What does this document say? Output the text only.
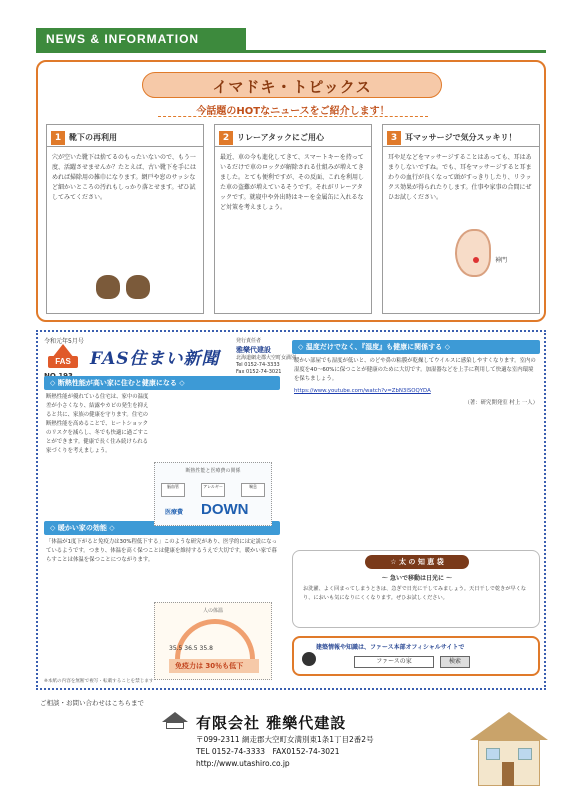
NEWS & INFORMATION
イマドキ・トピックス
今話題のHOTなニュースをご紹介します！
1 靴下の再利用
穴が空いた靴下は捨てるのもったいないので、もう一度、活躍させませんか？たとえば、古い靴下を手にはめれば掃除用の雑巾になります。網戸や窓のサッシなど細かいところの汚れもしっかり落とせます。ぜひ試してみてください。
2 リレーアタックにご用心
最近、車の今も進化してきて、スマートキーを持っているだけで車のロックが解除される仕組みが増えてきました。とても便利ですが、その反面、これを利用した車の盗難が増えているそうです。それがリレーアタックです。就寝中や外出時はキーを金属缶に入れるなど対策を考えましょう。
3 耳マッサージで気分スッキリ！
耳や足などをマッサージすることはあっても、耳はあまりしないですね。でも、耳をマッサージすると耳まわりの血行が良くなって頭がすっきりしたり、リラックス効果が得られたりします。仕事や家事の合間にぜひお試しください。
神門
令和元年5月号
FAS	FAS住まい新聞
発行責任者
雅樂代建設
北海道網走郡大空町女満別
Tel 0152-74-3333
Fax 0152-74-3021
◇ 断熱性能が高い家に住むと健康になる ◇
断熱性能が優れている住宅は、家中の温度差が小さくなり、結露やカビの発生を抑えると共に、家族の健康を守ります。住宅の断熱性能を高めることで、ヒートショックのリスクを減らし、冬でも快適に過ごすことができます。健康で長く住み続けられる家づくりを考えましょう。
◇ 暖かい家の効能 ◇
「体温が1度下がると免疫力は30%程低下する」このような研究があり、医学的には定説になっているようです。つまり、体温を高く保つことは健康を維持するうえで大切です。暖かい家で暮らすことは体温を保つことにつながります。
断熱性能と医療費の関係
脳血管	アレルギー	喘息
医療費 DOWN
人の体温
35.5 36.5 35.8
免疫力は 30％も低下
◇ 温度だけでなく、『湿度』も健康に関係する ◇
暖かい部屋でも湿度が低いと、のどや鼻の粘膜が乾燥してウイルスに感染しやすくなります。室内の湿度を40〜60%に保つことが健康のために大切です。加湿器などを上手に利用して快適な室内環境を保ちましょう。
https://www.youtube.com/watch?v=ZbN3lSOQYDA
（著：研究開発室 村上 一人）
☆ 太 の 知 恵 袋
～ 急いで移動は日光に ～
お洗濯、よく回まってしまうときは、急ぎで日光に干してみましょう。天日干しで乾きが早くなり、においも気になりにくくなります。ぜひお試しください。
建築情報や知識は、ファース本部オフィシャルサイトで
ファースの家	検索
※本紙の内容を無断で複写・転載することを禁じます
ご相談・お問い合わせはこちらまで
有限会社 雅樂代建設
〒099-2311 網走郡大空町女満別東1条1丁目2番2号
TEL 0152-74-3333　FAX0152-74-3021
http://www.utashiro.co.jp
